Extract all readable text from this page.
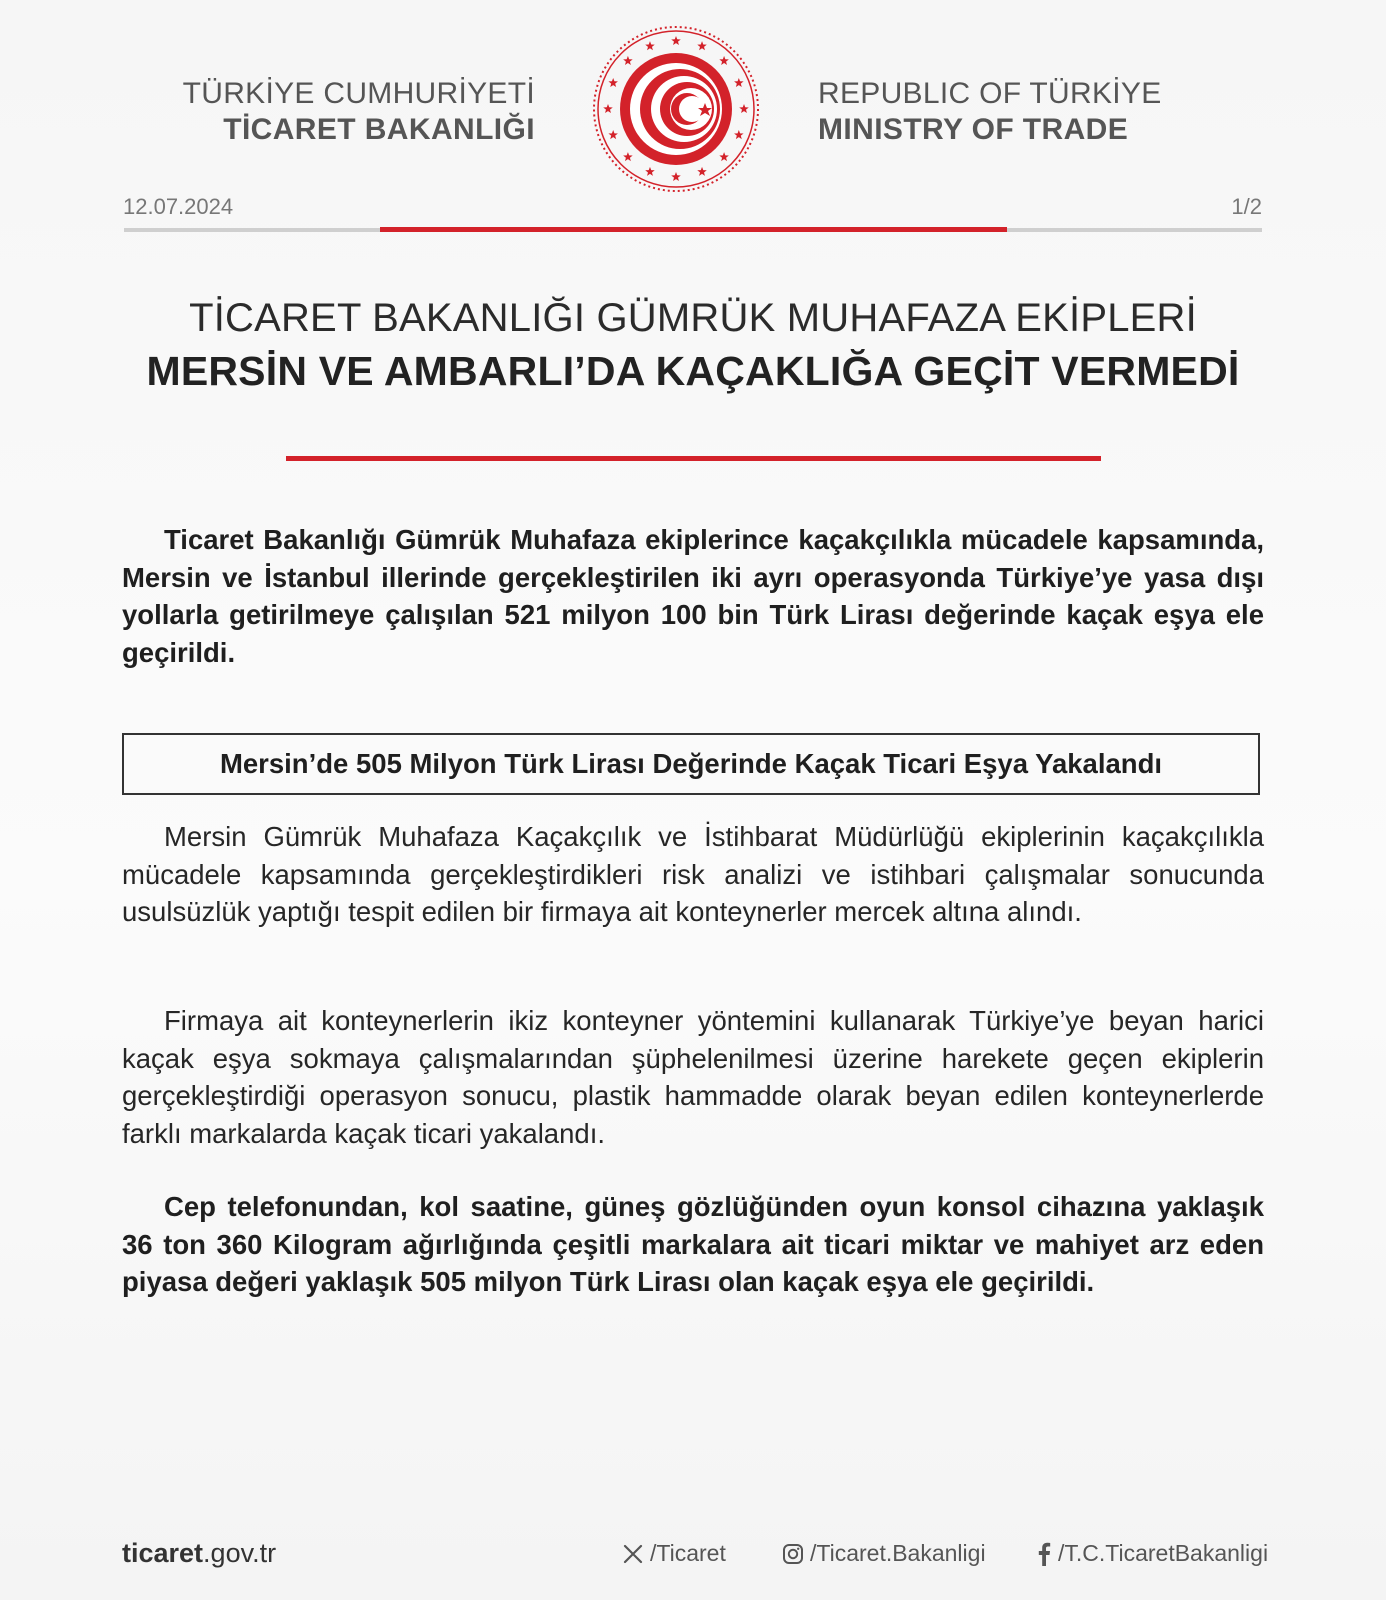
TÜRKİYE CUMHURİYETİ
TİCARET BAKANLIĞI
REPUBLIC OF TÜRKİYE
MINISTRY OF TRADE
12.07.2024	1/2
TİCARET BAKANLIĞI GÜMRÜK MUHAFAZA EKİPLERİ
MERSİN VE AMBARLI’DA KAÇAKLIĞA GEÇİT VERMEDİ
Ticaret Bakanlığı Gümrük Muhafaza ekiplerince kaçakçılıkla mücadele kapsamında, Mersin ve İstanbul illerinde gerçekleştirilen iki ayrı operasyonda Türkiye’ye yasa dışı yollarla getirilmeye çalışılan 521 milyon 100 bin Türk Lirası değerinde kaçak eşya ele geçirildi.
Mersin’de 505 Milyon Türk Lirası Değerinde Kaçak Ticari Eşya Yakalandı
Mersin Gümrük Muhafaza Kaçakçılık ve İstihbarat Müdürlüğü ekiplerinin kaçakçılıkla mücadele kapsamında gerçekleştirdikleri risk analizi ve istihbari çalışmalar sonucunda usulsüzlük yaptığı tespit edilen bir firmaya ait konteynerler mercek altına alındı.
Firmaya ait konteynerlerin ikiz konteyner yöntemini kullanarak Türkiye’ye beyan harici kaçak eşya sokmaya çalışmalarından şüphelenilmesi üzerine harekete geçen ekiplerin gerçekleştirdiği operasyon sonucu, plastik hammadde olarak beyan edilen konteynerlerde farklı markalarda kaçak ticari yakalandı.
Cep telefonundan, kol saatine, güneş gözlüğünden oyun konsol cihazına yaklaşık 36 ton 360 Kilogram ağırlığında çeşitli markalara ait ticari miktar ve mahiyet arz eden piyasa değeri yaklaşık 505 milyon Türk Lirası olan kaçak eşya ele geçirildi.
ticaret.gov.tr	/Ticaret	/Ticaret.Bakanligi	/T.C.TicaretBakanligi
